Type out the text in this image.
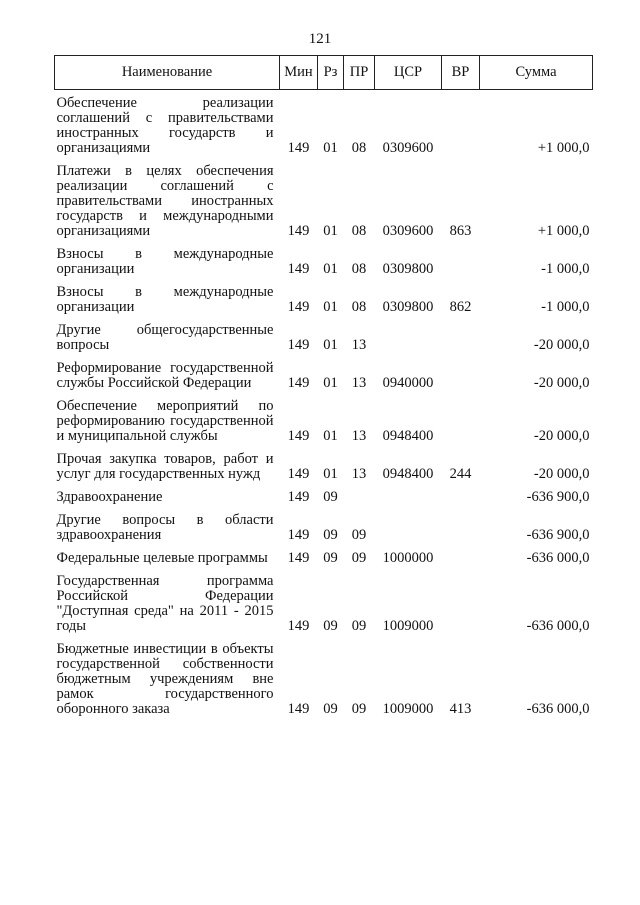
121
Наименование	Мин	Рз	ПР	ЦСР	ВР	Сумма
Обеспечение реализации соглашений с правительствами иностранных государств и организациями	149	01	08	0309600		+1 000,0
Платежи в целях обеспечения реализации соглашений с правительствами иностранных государств и международными организациями	149	01	08	0309600	863	+1 000,0
Взносы в международные организации	149	01	08	0309800		-1 000,0
Взносы в международные организации	149	01	08	0309800	862	-1 000,0
Другие общегосударственные вопросы	149	01	13			-20 000,0
Реформирование государственной службы Российской Федерации	149	01	13	0940000		-20 000,0
Обеспечение мероприятий по реформированию государственной и муниципальной службы	149	01	13	0948400		-20 000,0
Прочая закупка товаров, работ и услуг для государственных нужд	149	01	13	0948400	244	-20 000,0
Здравоохранение	149	09				-636 900,0
Другие вопросы в области здравоохранения	149	09	09			-636 900,0
Федеральные целевые программы	149	09	09	1000000		-636 000,0
Государственная программа Российской Федерации "Доступная среда" на 2011 - 2015 годы	149	09	09	1009000		-636 000,0
Бюджетные инвестиции в объекты государственной собственности бюджетным учреждениям вне рамок государственного оборонного заказа	149	09	09	1009000	413	-636 000,0
